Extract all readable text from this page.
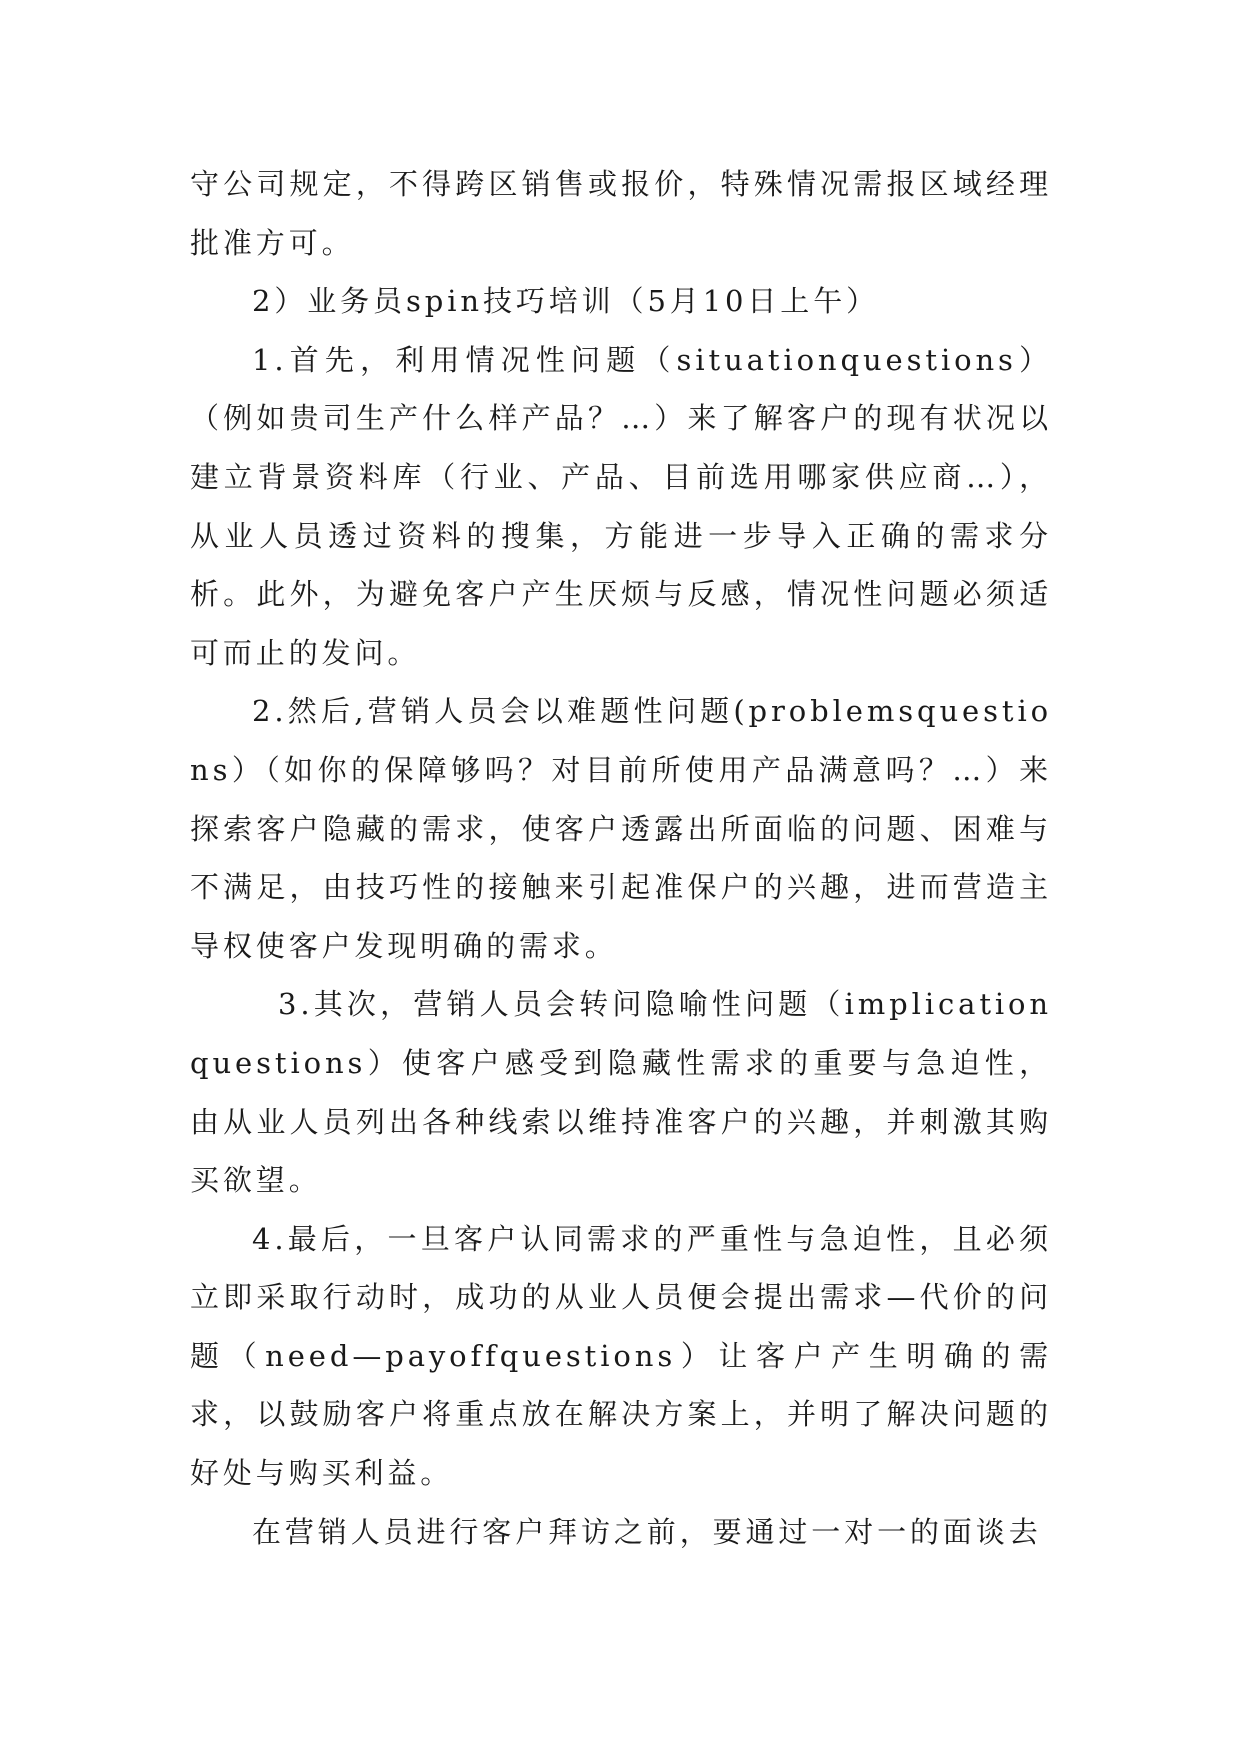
守公司规定，不得跨区销售或报价，特殊情况需报区域经理批准方可。

2）业务员spin技巧培训（5月10日上午）

1.首先，利用情况性问题（situationquestions）（例如贵司生产什么样产品？…）来了解客户的现有状况以建立背景资料库（行业、产品、目前选用哪家供应商…），从业人员透过资料的搜集，方能进一步导入正确的需求分析。此外，为避免客户产生厌烦与反感，情况性问题必须适可而止的发问。

2.然后,营销人员会以难题性问题(problemsquestions）（如你的保障够吗？对目前所使用产品满意吗？…）来探索客户隐藏的需求，使客户透露出所面临的问题、困难与不满足，由技巧性的接触来引起准保户的兴趣，进而营造主导权使客户发现明确的需求。

3.其次，营销人员会转问隐喻性问题（implicationquestions）使客户感受到隐藏性需求的重要与急迫性，由从业人员列出各种线索以维持准客户的兴趣，并刺激其购买欲望。

4.最后，一旦客户认同需求的严重性与急迫性，且必须立即采取行动时，成功的从业人员便会提出需求—代价的问题（need—payoffquestions）让客户产生明确的需求，以鼓励客户将重点放在解决方案上，并明了解决问题的好处与购买利益。

在营销人员进行客户拜访之前，要通过一对一的面谈去
